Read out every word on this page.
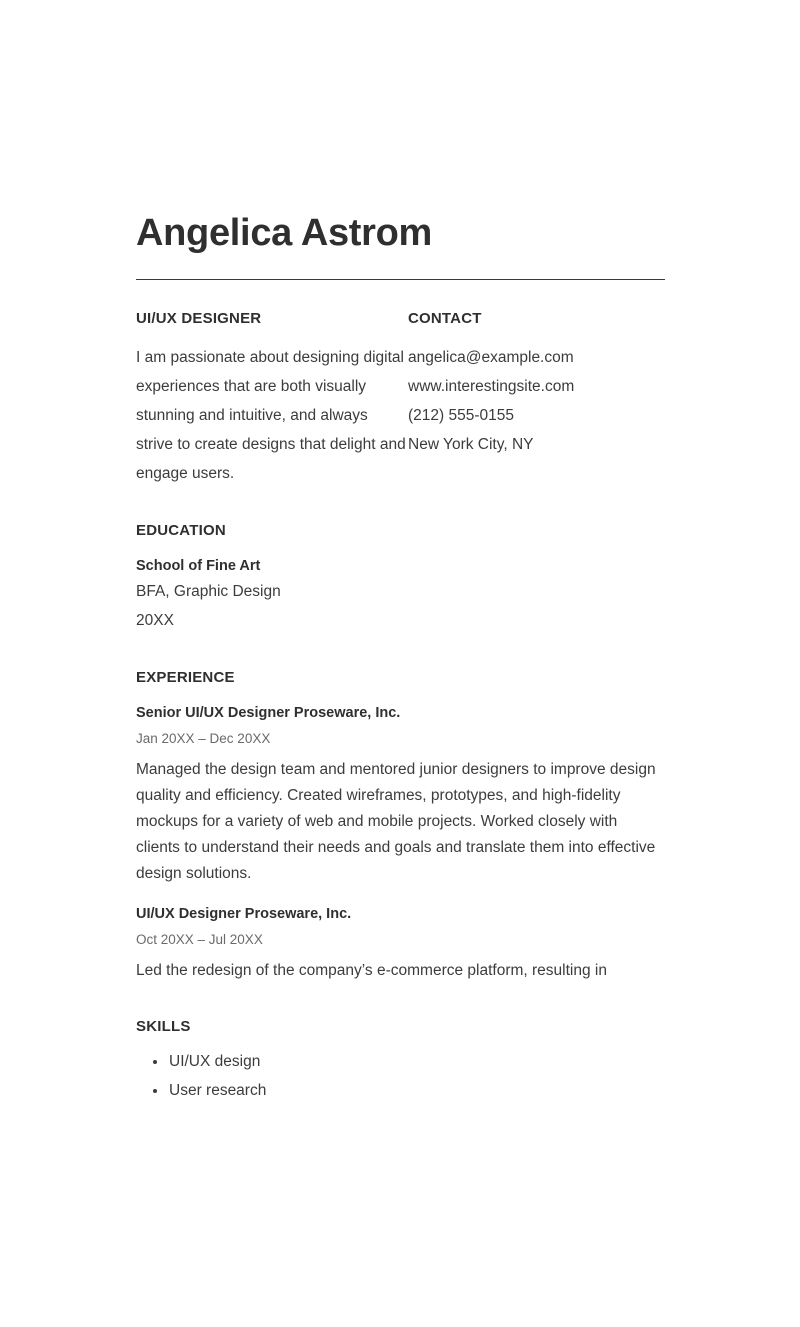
Angelica Astrom
UI/UX DESIGNER

I am passionate about designing digital experiences that are both visually stunning and intuitive, and always strive to create designs that delight and engage users.

CONTACT
angelica@example.com
www.interestingsite.com
(212) 555-0155
New York City, NY
EDUCATION

School of Fine Art

BFA, Graphic Design

20XX

EXPERIENCE

Senior UI/UX Designer Proseware, Inc.

Jan 20XX – Dec 20XX

Managed the design team and mentored junior designers to improve design quality and efficiency. Created wireframes, prototypes, and high-fidelity mockups for a variety of web and mobile projects. Worked closely with clients to understand their needs and goals and translate them into effective design solutions.

UI/UX Designer Proseware, Inc.

Oct 20XX – Jul 20XX

Led the redesign of the company’s e-commerce platform, resulting in

SKILLS
UI/UX design
User research
